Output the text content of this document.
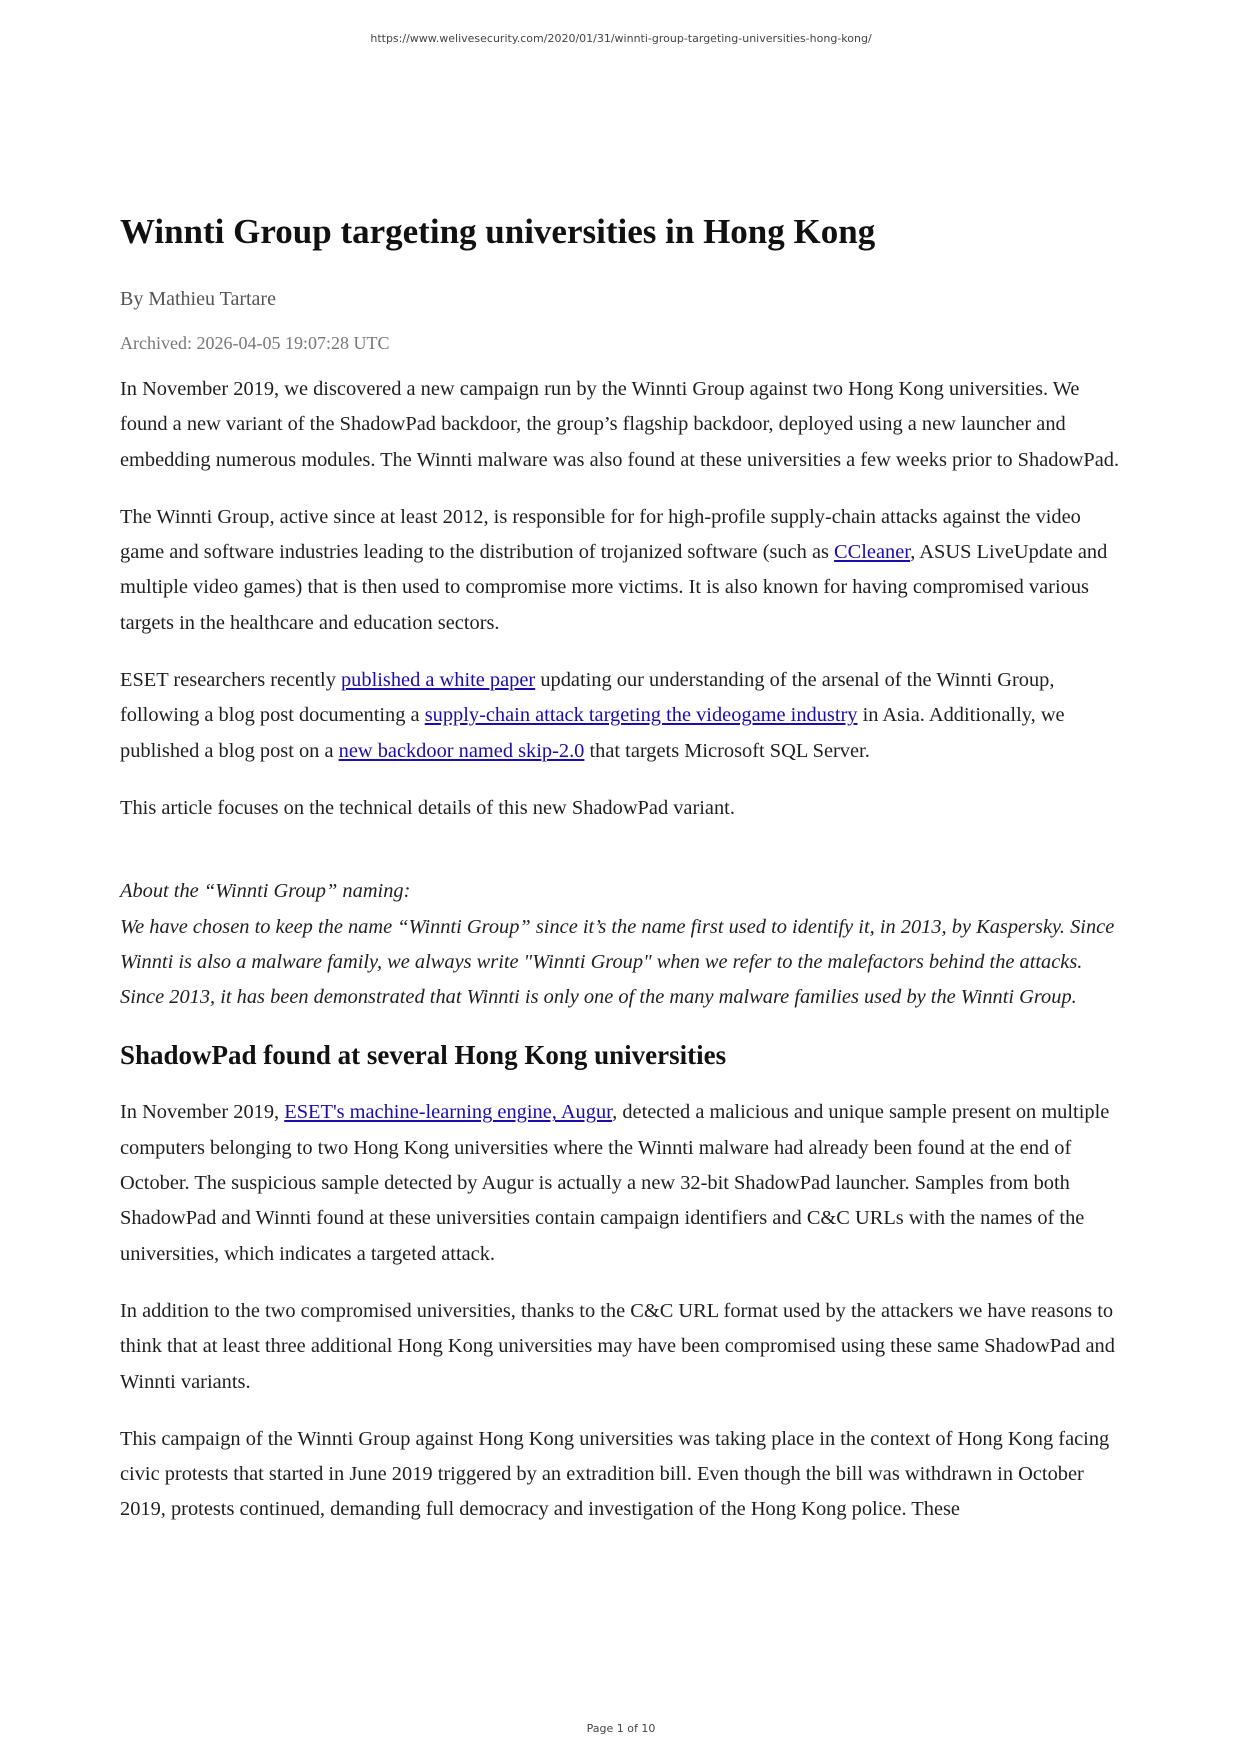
https://www.welivesecurity.com/2020/01/31/winnti-group-targeting-universities-hong-kong/
Winnti Group targeting universities in Hong Kong
By Mathieu Tartare
Archived: 2026-04-05 19:07:28 UTC

In November 2019, we discovered a new campaign run by the Winnti Group against two Hong Kong universities. We found a new variant of the ShadowPad backdoor, the group’s flagship backdoor, deployed using a new launcher and embedding numerous modules. The Winnti malware was also found at these universities a few weeks prior to ShadowPad.

The Winnti Group, active since at least 2012, is responsible for for high-profile supply-chain attacks against the video game and software industries leading to the distribution of trojanized software (such as CCleaner, ASUS LiveUpdate and multiple video games) that is then used to compromise more victims. It is also known for having compromised various targets in the healthcare and education sectors.

ESET researchers recently published a white paper updating our understanding of the arsenal of the Winnti Group, following a blog post documenting a supply-chain attack targeting the videogame industry in Asia. Additionally, we published a blog post on a new backdoor named skip-2.0 that targets Microsoft SQL Server.

This article focuses on the technical details of this new ShadowPad variant.

About the “Winnti Group” naming:
We have chosen to keep the name “Winnti Group” since it’s the name first used to identify it, in 2013, by Kaspersky. Since Winnti is also a malware family, we always write "Winnti Group" when we refer to the malefactors behind the attacks. Since 2013, it has been demonstrated that Winnti is only one of the many malware families used by the Winnti Group.

ShadowPad found at several Hong Kong universities

In November 2019, ESET's machine-learning engine, Augur, detected a malicious and unique sample present on multiple computers belonging to two Hong Kong universities where the Winnti malware had already been found at the end of October. The suspicious sample detected by Augur is actually a new 32-bit ShadowPad launcher. Samples from both ShadowPad and Winnti found at these universities contain campaign identifiers and C&C URLs with the names of the universities, which indicates a targeted attack.

In addition to the two compromised universities, thanks to the C&C URL format used by the attackers we have reasons to think that at least three additional Hong Kong universities may have been compromised using these same ShadowPad and Winnti variants.

This campaign of the Winnti Group against Hong Kong universities was taking place in the context of Hong Kong facing civic protests that started in June 2019 triggered by an extradition bill. Even though the bill was withdrawn in October 2019, protests continued, demanding full democracy and investigation of the Hong Kong police. These

Page 1 of 10
